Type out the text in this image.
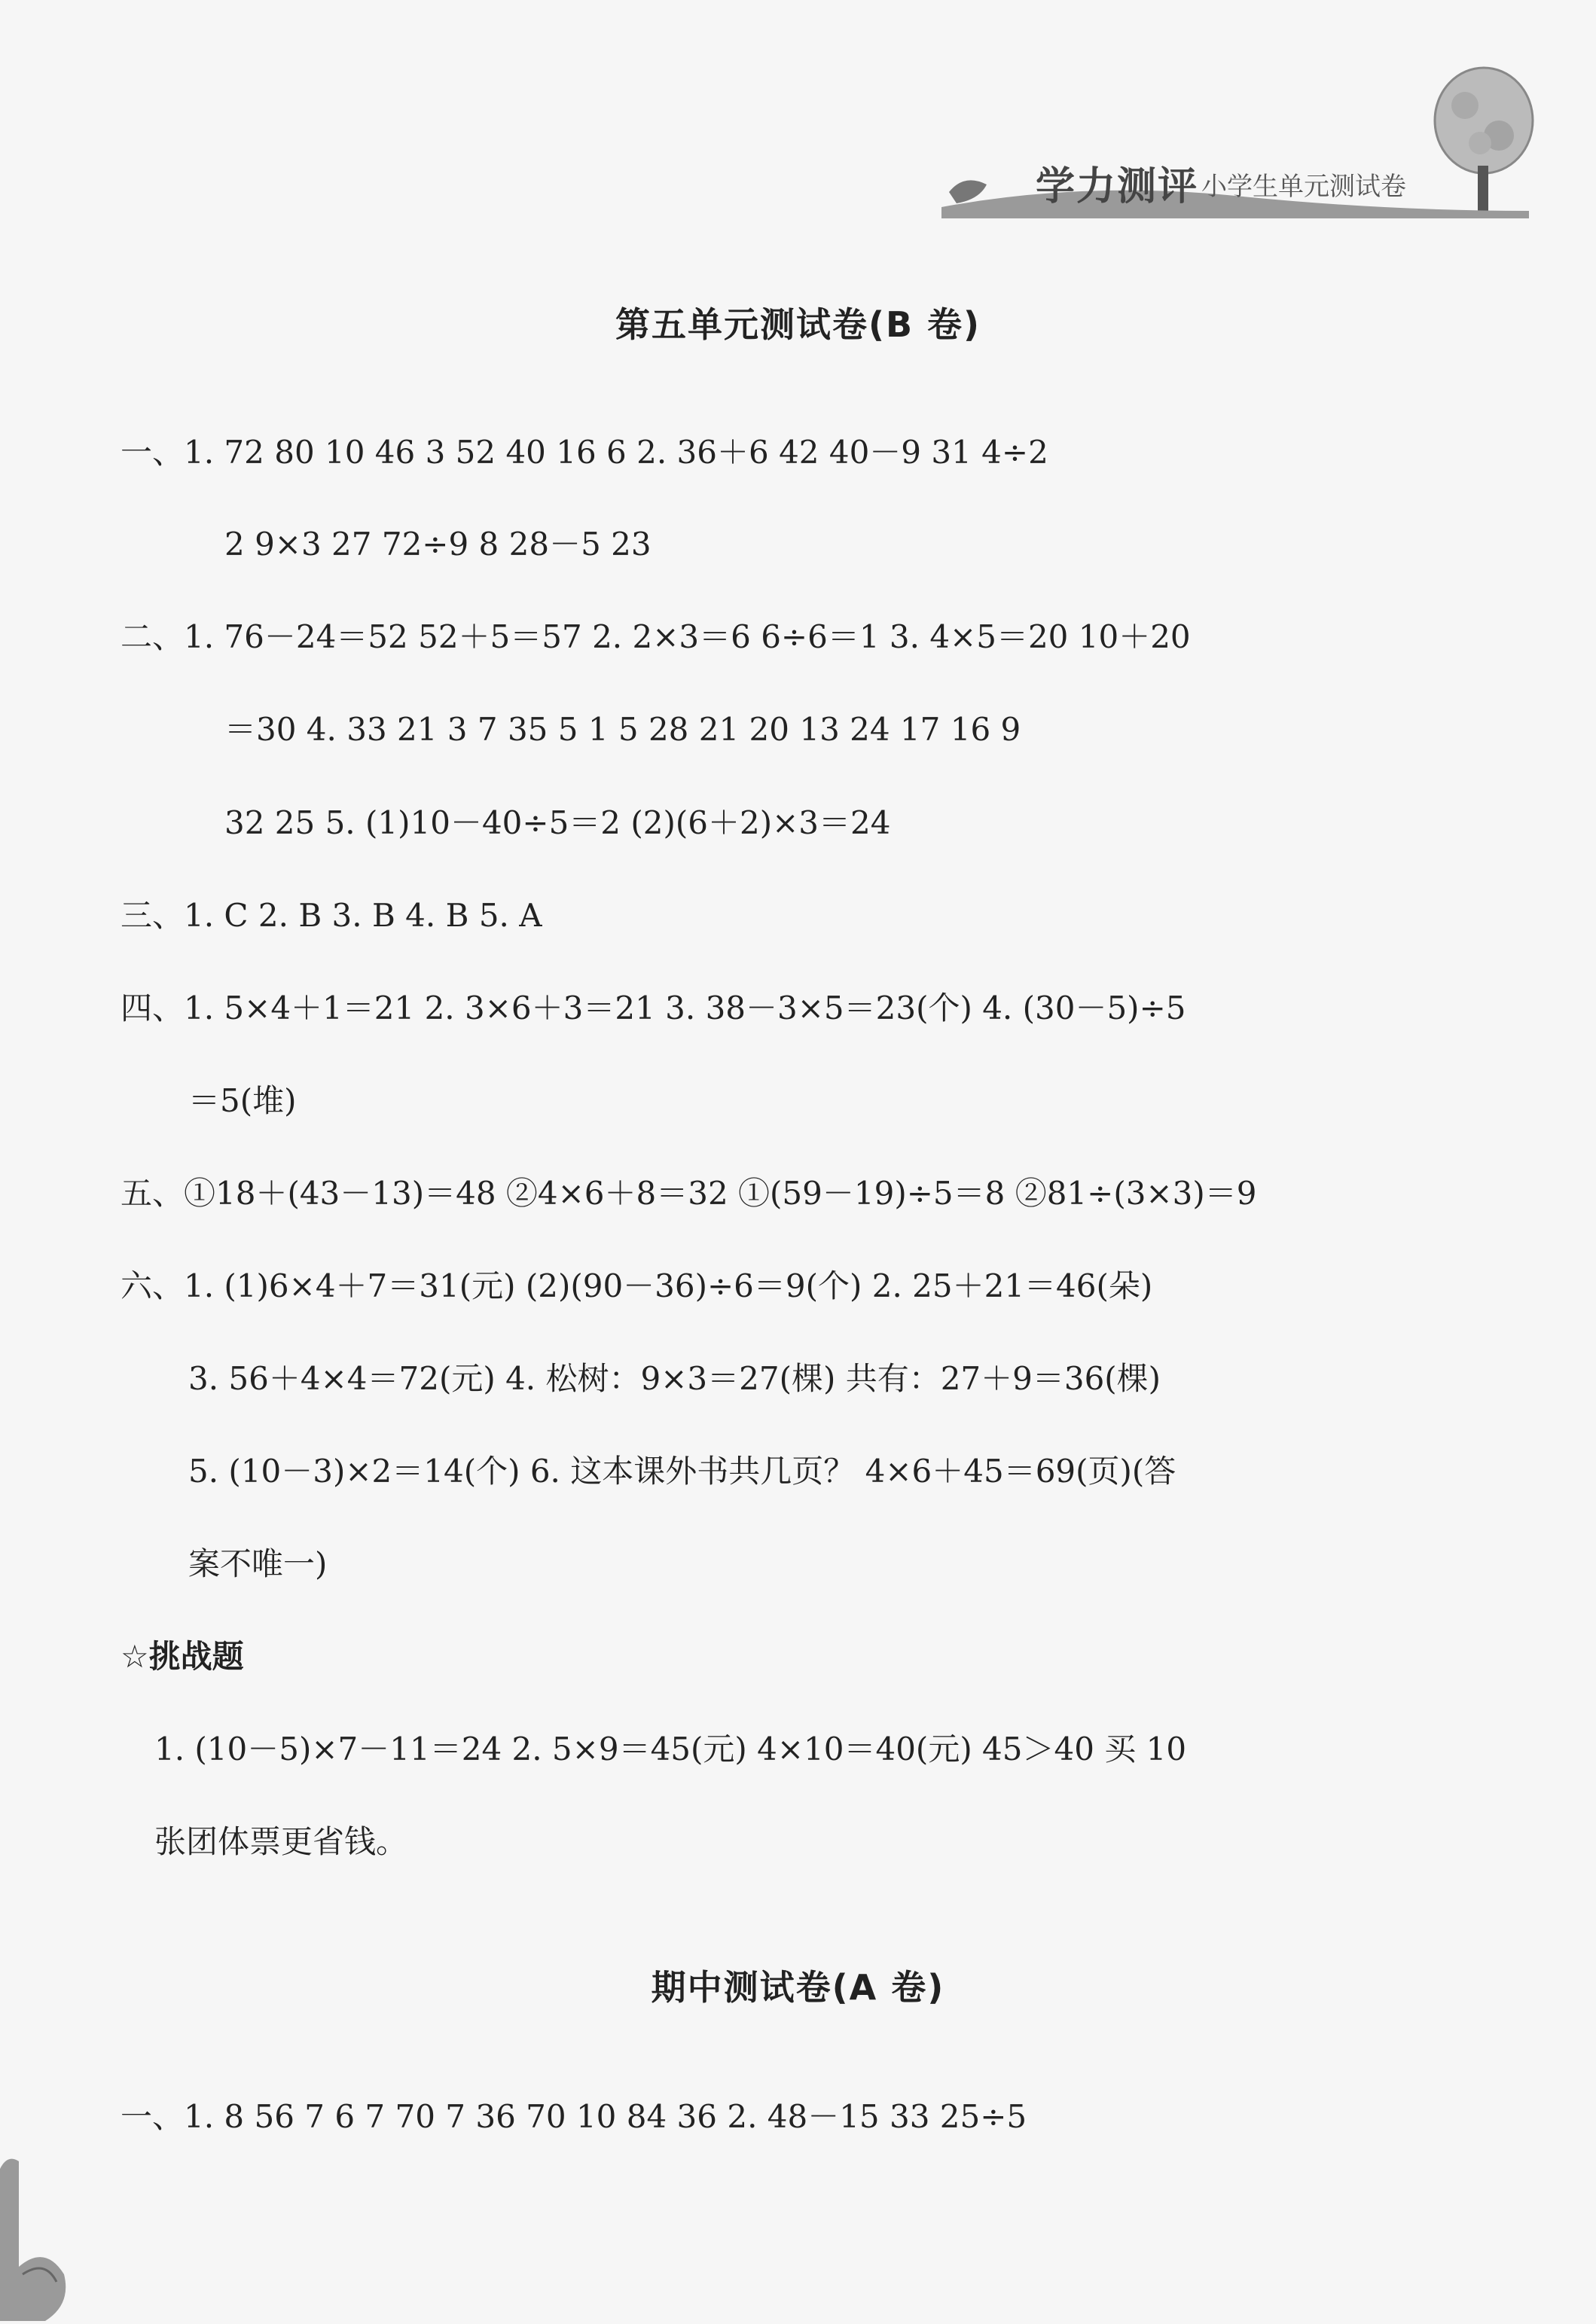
学力测评 小学生单元测试卷
第五单元测试卷(B 卷)
一、1. 72 80 10 46 3 52 40 16 6 2. 36＋6 42 40－9 31 4÷2
2 9×3 27 72÷9 8 28－5 23
二、1. 76－24＝52 52＋5＝57 2. 2×3＝6 6÷6＝1 3. 4×5＝20 10＋20
＝30 4. 33 21 3 7 35 5 1 5 28 21 20 13 24 17 16 9
32 25 5. (1)10－40÷5＝2 (2)(6＋2)×3＝24
三、1. C 2. B 3. B 4. B 5. A
四、1. 5×4＋1＝21 2. 3×6＋3＝21 3. 38－3×5＝23(个) 4. (30－5)÷5
＝5(堆)
五、①18＋(43－13)＝48 ②4×6＋8＝32 ①(59－19)÷5＝8 ②81÷(3×3)＝9
六、1. (1)6×4＋7＝31(元) (2)(90－36)÷6＝9(个) 2. 25＋21＝46(朵)
3. 56＋4×4＝72(元) 4. 松树：9×3＝27(棵) 共有：27＋9＝36(棵)
5. (10－3)×2＝14(个) 6. 这本课外书共几页？ 4×6＋45＝69(页)(答
案不唯一)
☆挑战题
1. (10－5)×7－11＝24 2. 5×9＝45(元) 4×10＝40(元) 45＞40 买 10
张团体票更省钱。
期中测试卷(A 卷)
一、1. 8 56 7 6 7 70 7 36 70 10 84 36 2. 48－15 33 25÷5
